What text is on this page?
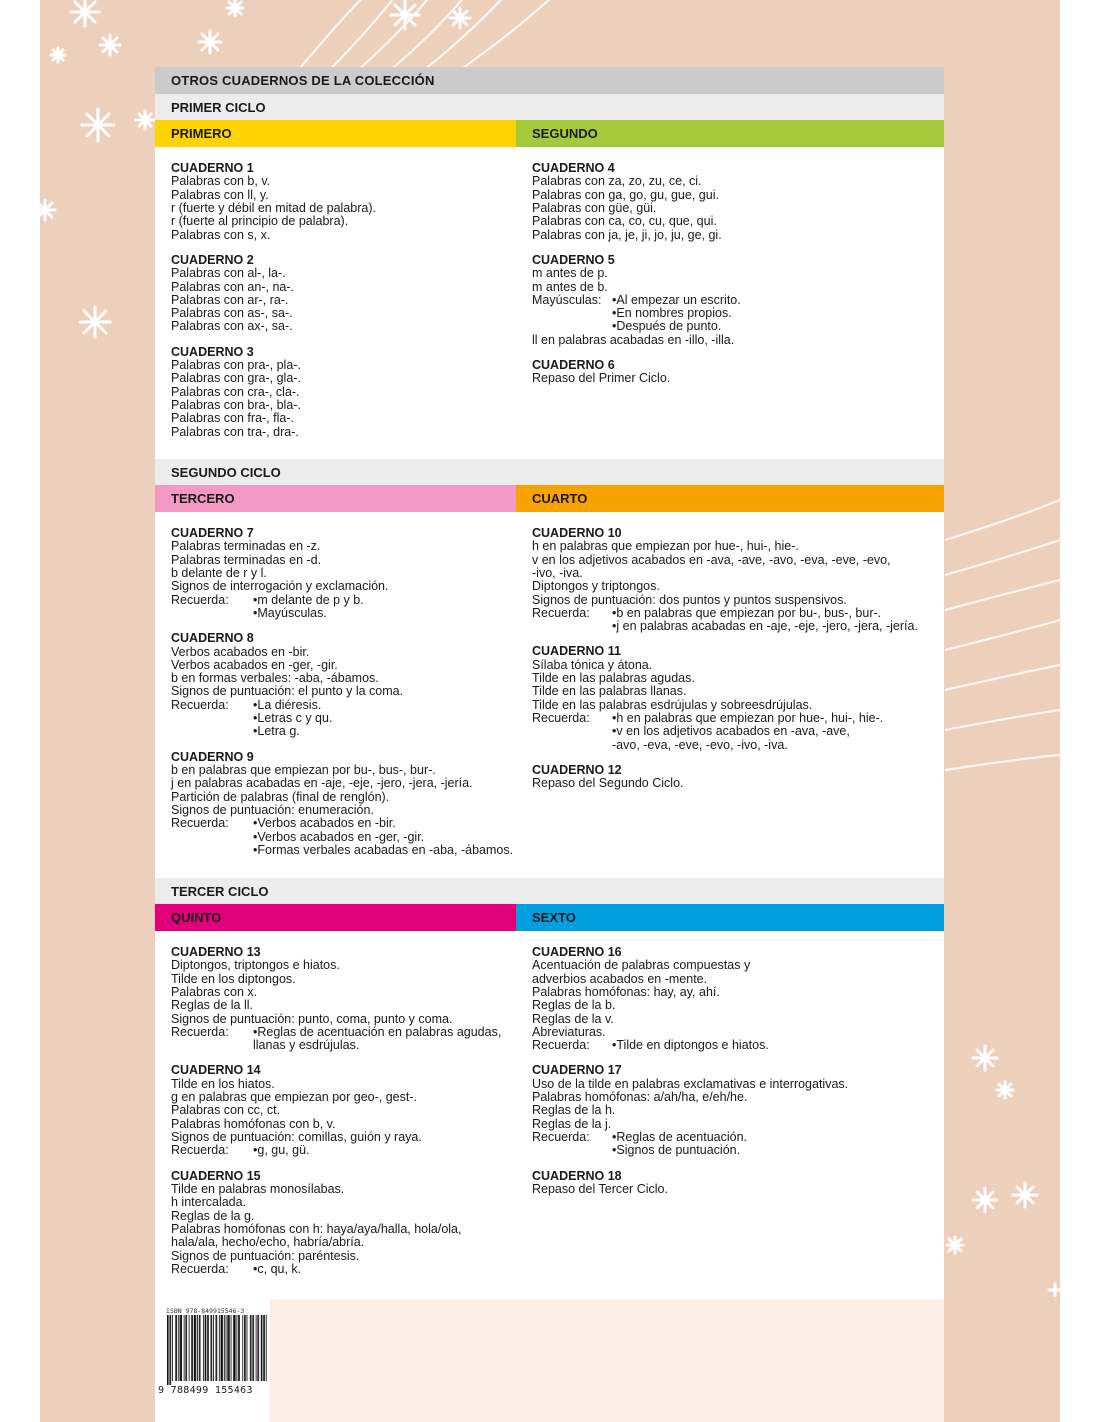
OTROS CUADERNOS DE LA COLECCIÓN
PRIMER CICLO
PRIMERO	SEGUNDO
CUADERNO 1
Palabras con b, v.
Palabras con ll, y.
r (fuerte y débil en mitad de palabra).
r (fuerte al principio de palabra).
Palabras con s, x.
CUADERNO 2
Palabras con al-, la-.
Palabras con an-, na-.
Palabras con ar-, ra-.
Palabras con as-, sa-.
Palabras con ax-, sa-.
CUADERNO 3
Palabras con pra-, pla-.
Palabras con gra-, gla-.
Palabras con cra-, cla-.
Palabras con bra-, bla-.
Palabras con fra-, fla-.
Palabras con tra-, dra-.
CUADERNO 4
Palabras con za, zo, zu, ce, ci.
Palabras con ga, go, gu, gue, gui.
Palabras con güe, güi.
Palabras con ca, co, cu, que, qui.
Palabras con ja, je, ji, jo, ju, ge, gi.
CUADERNO 5
m antes de p.
m antes de b.
Mayúsculas: •Al empezar un escrito.
•En nombres propios.
•Después de punto.
ll en palabras acabadas en -illo, -illa.
CUADERNO 6
Repaso del Primer Ciclo.
SEGUNDO CICLO
TERCERO	CUARTO
CUADERNO 7
Palabras terminadas en -z.
Palabras terminadas en -d.
b delante de r y l.
Signos de interrogación y exclamación.
Recuerda:	•m delante de p y b.
•Mayúsculas.
CUADERNO 8
Verbos acabados en -bir.
Verbos acabados en -ger, -gir.
b en formas verbales: -aba, -ábamos.
Signos de puntuación: el punto y la coma.
Recuerda:	•La diéresis.
•Letras c y qu.
•Letra g.
CUADERNO 9
b en palabras que empiezan por bu-, bus-, bur-.
j en palabras acabadas en -aje, -eje, -jero, -jera, -jería.
Partición de palabras (final de renglón).
Signos de puntuación: enumeración.
Recuerda:	•Verbos acabados en -bir.
•Verbos acabados en -ger, -gir.
•Formas verbales acabadas en -aba, -ábamos.
CUADERNO 10
h en palabras que empiezan por hue-, hui-, hie-.
v en los adjetivos acabados en -ava, -ave, -avo, -eva, -eve, -evo,
-ivo, -iva.
Diptongos y triptongos.
Signos de puntuación: dos puntos y puntos suspensivos.
Recuerda:	•b en palabras que empiezan por bu-, bus-, bur-.
•j en palabras acabadas en -aje, -eje, -jero, -jera, -jería.
CUADERNO 11
Sílaba tónica y átona.
Tilde en las palabras agudas.
Tilde en las palabras llanas.
Tilde en las palabras esdrújulas y sobreesdrújulas.
Recuerda:	•h en palabras que empiezan por hue-, hui-, hie-.
•v en los adjetivos acabados en -ava, -ave,
-avo, -eva, -eve, -evo, -ivo, -iva.
CUADERNO 12
Repaso del Segundo Ciclo.
TERCER CICLO
QUINTO	SEXTO
CUADERNO 13
Diptongos, triptongos e hiatos.
Tilde en los diptongos.
Palabras con x.
Reglas de la ll.
Signos de puntuación: punto, coma, punto y coma.
Recuerda:	•Reglas de acentuación en palabras agudas,
llanas y esdrújulas.
CUADERNO 14
Tilde en los hiatos.
g en palabras que empiezan por geo-, gest-.
Palabras con cc, ct.
Palabras homófonas con b, v.
Signos de puntuación: comillas, guión y raya.
Recuerda:	•g, gu, gü.
CUADERNO 15
Tilde en palabras monosílabas.
h intercalada.
Reglas de la g.
Palabras homófonas con h: haya/aya/halla, hola/ola,
hala/ala, hecho/echo, habría/abría.
Signos de puntuación: paréntesis.
Recuerda:	•c, qu, k.
CUADERNO 16
Acentuación de palabras compuestas y
adverbios acabados en -mente.
Palabras homófonas: hay, ay, ahí.
Reglas de la b.
Reglas de la v.
Abreviaturas.
Recuerda:	•Tilde en diptongos e hiatos.
CUADERNO 17
Uso de la tilde en palabras exclamativas e interrogativas.
Palabras homófonas: a/ah/ha, e/eh/he.
Reglas de la h.
Reglas de la j.
Recuerda:	•Reglas de acentuación.
•Signos de puntuación.
CUADERNO 18
Repaso del Tercer Ciclo.
ISBN 978-849915546-3
9 788499 155463
